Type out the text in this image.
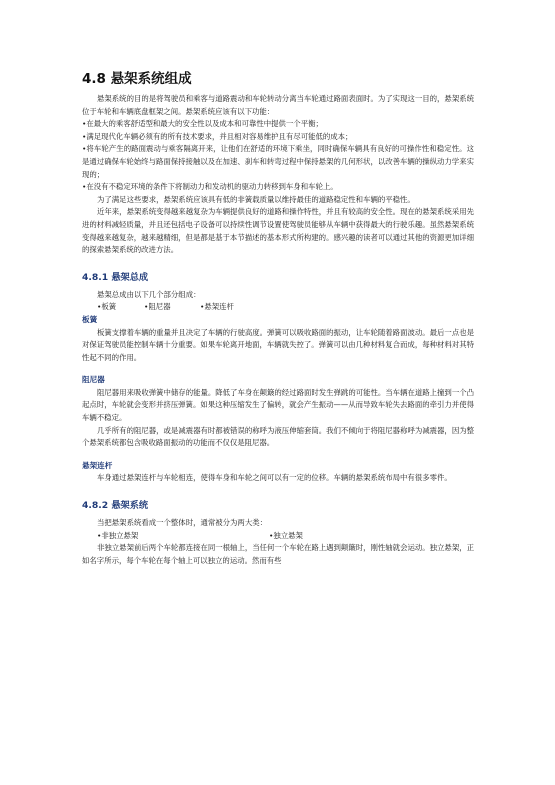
4.8 悬架系统组成

悬架系统的目的是将驾驶员和乘客与道路震动和车轮转动分离当车轮通过路面表面时。为了实现这一目的，悬架系统位于车轮和车辆底盘框架之间。悬架系统应该有以下功能：

•在最大的乘客舒适型和最大的安全性以及成本和可靠性中提供一个平衡；

•满足现代化车辆必须有的所有技术要求，并且相对容易维护且有尽可能低的成本；

•将车轮产生的路面震动与乘客隔离开来，让他们在舒适的环境下乘坐，同时确保车辆具有良好的可操作性和稳定性。这是通过确保车轮始终与路面保持接触以及在加速、刹车和转弯过程中保持悬架的几何形状，以改善车辆的操纵动力学来实现的；

•在没有不稳定环境的条件下将制动力和发动机的驱动力转移到车身和车轮上。

为了满足这些要求，悬架系统应该具有低的非簧载质量以维持最佳的道路稳定性和车辆的平稳性。

近年来，悬架系统变得越来越复杂为车辆提供良好的道路和操作特性，并且有较高的安全性。现在的悬架系统采用先进的材料减轻质量，并且还包括电子设备可以持续性调节设置使驾驶员能够从车辆中获得最大的行驶乐趣。虽然悬架系统变得越来越复杂，越来越精细，但是都是基于本节描述的基本形式所构建的。感兴趣的读者可以通过其他的资源更加详细的探索悬架系统的改进方法。

4.8.1 悬架总成

悬架总成由以下几个部分组成：

•板簧	•阻尼器	•悬架连杆
板簧

板簧支撑着车辆的重量并且决定了车辆的行驶高度。弹簧可以吸收路面的振动，让车轮随着路面波动。最后一点也是对保证驾驶员能控制车辆十分重要。如果车轮离开地面，车辆就失控了。弹簧可以由几种材料复合而成，每种材料对其特性起不同的作用。

阻尼器

阻尼器用来吸收弹簧中储存的能量。降低了车身在颠簸的经过路面时发生弹跳的可能性。当车辆在道路上撞到一个凸起点时，车轮就会变形并挤压弹簧。如果这种压缩发生了偏转，就会产生振动——从而导致车轮失去路面的牵引力并使得车辆不稳定。

几乎所有的阻尼器，或是减震器有时都被错误的称呼为液压伸缩套筒。我们不倾向于将阻尼器称呼为减震器，因为整个悬架系统都包含吸收路面振动的功能而不仅仅是阻尼器。

悬架连杆

车身通过悬架连杆与车轮相连，使得车身和车轮之间可以有一定的位移。车辆的悬架系统布局中有很多零件。

4.8.2 悬架系统

当把悬架系统看成一个整体时，通常被分为两大类：

•非独立悬架	•独立悬架

非独立悬架前后两个车轮都连接在同一根轴上，当任何一个车轮在路上遇到颠簸时，刚性轴就会运动。独立悬架，正如名字所示，每个车轮在每个轴上可以独立的运动。然而有些
